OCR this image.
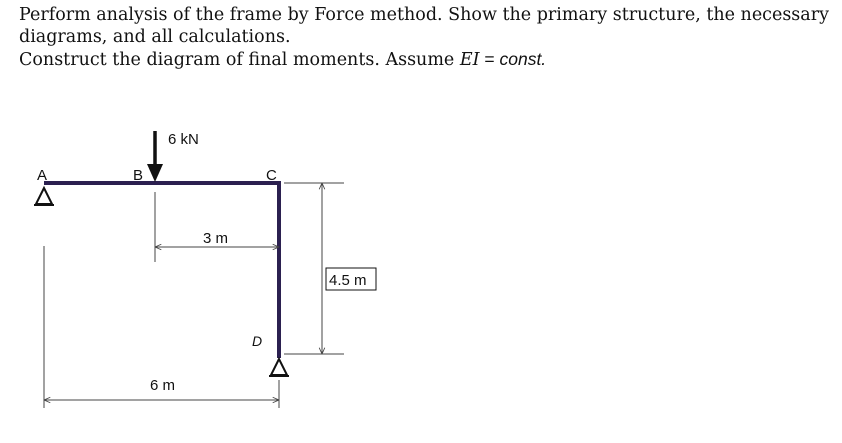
Perform analysis of the frame by Force method. Show the primary structure, the necessary diagrams, and all calculations.

Construct the diagram of final moments. Assume EI = const.

A	B	C
D
6 kN
3 m
6 m
4.5 m
